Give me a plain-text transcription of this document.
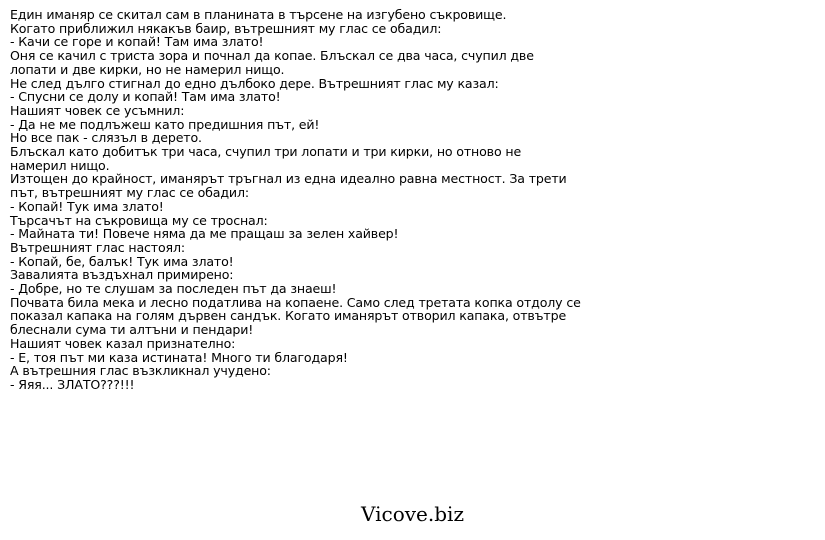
Един иманяр се скитал сам в планината в търсене на изгубено съкровище.
Когато приближил някакъв баир, вътрешният му глас се обадил:
- Качи се горе и копай! Там има злато!
Оня се качил с триста зора и почнал да копае. Блъскал се два часа, счупил две
лопати и две кирки, но не намерил нищо.
Не след дълго стигнал до едно дълбоко дере. Вътрешният глас му казал:
- Спусни се долу и копай! Там има злато!
Нашият човек се усъмнил:
- Да не ме подлъжеш като предишния път, ей!
Но все пак - слязъл в дерето.
Блъскал като добитък три часа, счупил три лопати и три кирки, но отново не
намерил нищо.
Изтощен до крайност, иманярът тръгнал из една идеално равна местност. За трети
път, вътрешният му глас се обадил:
- Копай! Тук има злато!
Търсачът на съкровища му се троснал:
- Майната ти! Повече няма да ме пращаш за зелен хайвер!
Вътрешният глас настоял:
- Копай, бе, балък! Тук има злато!
Завалията въздъхнал примирено:
- Добре, но те слушам за последен път да знаеш!
Почвата била мека и лесно податлива на копаене. Само след третата копка отдолу се
показал капака на голям дървен сандък. Когато иманярът отворил капака, отвътре
блеснали сума ти алтъни и пендари!
Нашият човек казал признателно:
- Е, тоя път ми каза истината! Много ти благодаря!
А вътрешния глас възкликнал учудено:
- Яяя... ЗЛАТО???!!!
Vicove.biz
